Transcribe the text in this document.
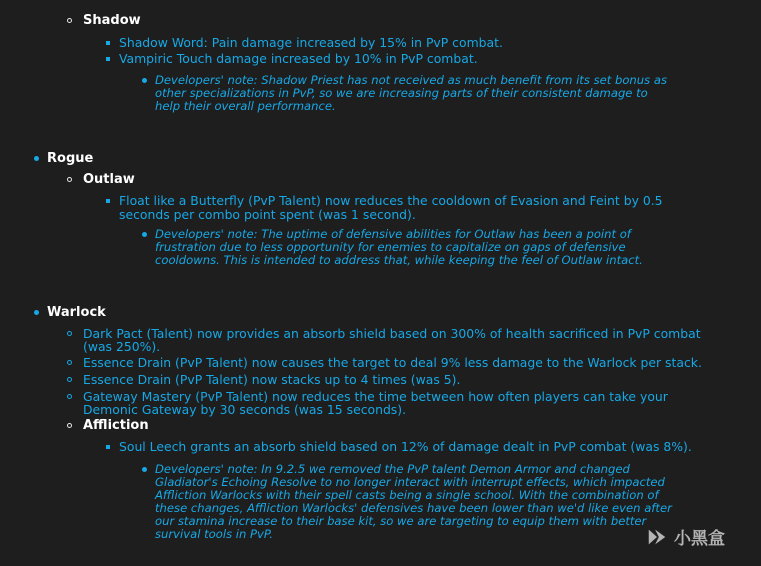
Shadow
Shadow Word: Pain damage increased by 15% in PvP combat.
Vampiric Touch damage increased by 10% in PvP combat.
Developers' note: Shadow Priest has not received as much benefit from its set bonus as
other specializations in PvP, so we are increasing parts of their consistent damage to
help their overall performance.
Rogue
Outlaw
Float like a Butterfly (PvP Talent) now reduces the cooldown of Evasion and Feint by 0.5
seconds per combo point spent (was 1 second).
Developers' note: The uptime of defensive abilities for Outlaw has been a point of
frustration due to less opportunity for enemies to capitalize on gaps of defensive
cooldowns. This is intended to address that, while keeping the feel of Outlaw intact.
Warlock
Dark Pact (Talent) now provides an absorb shield based on 300% of health sacrificed in PvP combat
(was 250%).
Essence Drain (PvP Talent) now causes the target to deal 9% less damage to the Warlock per stack.
Essence Drain (PvP Talent) now stacks up to 4 times (was 5).
Gateway Mastery (PvP Talent) now reduces the time between how often players can take your
Demonic Gateway by 30 seconds (was 15 seconds).
Affliction
Soul Leech grants an absorb shield based on 12% of damage dealt in PvP combat (was 8%).
Developers' note: In 9.2.5 we removed the PvP talent Demon Armor and changed
Gladiator's Echoing Resolve to no longer interact with interrupt effects, which impacted
Affliction Warlocks with their spell casts being a single school. With the combination of
these changes, Affliction Warlocks' defensives have been lower than we'd like even after
our stamina increase to their base kit, so we are targeting to equip them with better
survival tools in PvP.	小黑盒
